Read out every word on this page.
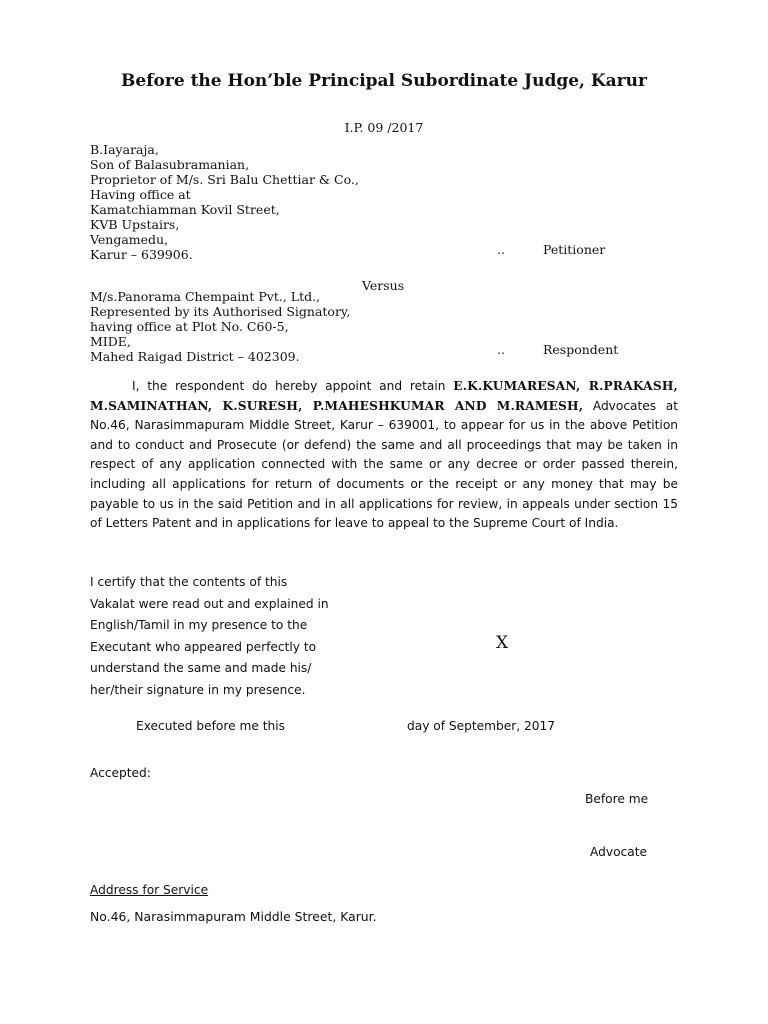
Before the Hon’ble Principal Subordinate Judge, Karur
I.P. 09 /2017
B.Iayaraja,
Son of Balasubramanian,
Proprietor of M/s. Sri Balu Chettiar & Co.,
Having office at
Kamatchiamman Kovil Street,
KVB Upstairs,
Vengamedu,
Karur – 639906.	..	Petitioner
Versus
M/s.Panorama Chempaint Pvt., Ltd.,
Represented by its Authorised Signatory,
having office at Plot No. C60-5,
MIDE,
Mahed Raigad District – 402309.	..	Respondent
I, the respondent do hereby appoint and retain E.K.KUMARESAN, R.PRAKASH, M.SAMINATHAN, K.SURESH, P.MAHESHKUMAR AND M.RAMESH, Advocates at No.46, Narasimmapuram Middle Street, Karur – 639001, to appear for us in the above Petition and to conduct and Prosecute (or defend) the same and all proceedings that may be taken in respect of any application connected with the same or any decree or order passed therein, including all applications for return of documents or the receipt or any money that may be payable to us in the said Petition and in all applications for review, in appeals under section 15 of Letters Patent and in applications for leave to appeal to the Supreme Court of India.
I certify that the contents of this
Vakalat were read out and explained in
English/Tamil in my presence to the
Executant who appeared perfectly to
understand the same and made his/
her/their signature in my presence.
X
Executed before me this	day of September, 2017
Accepted:
Before me
Advocate
Address for Service
No.46, Narasimmapuram Middle Street, Karur.
